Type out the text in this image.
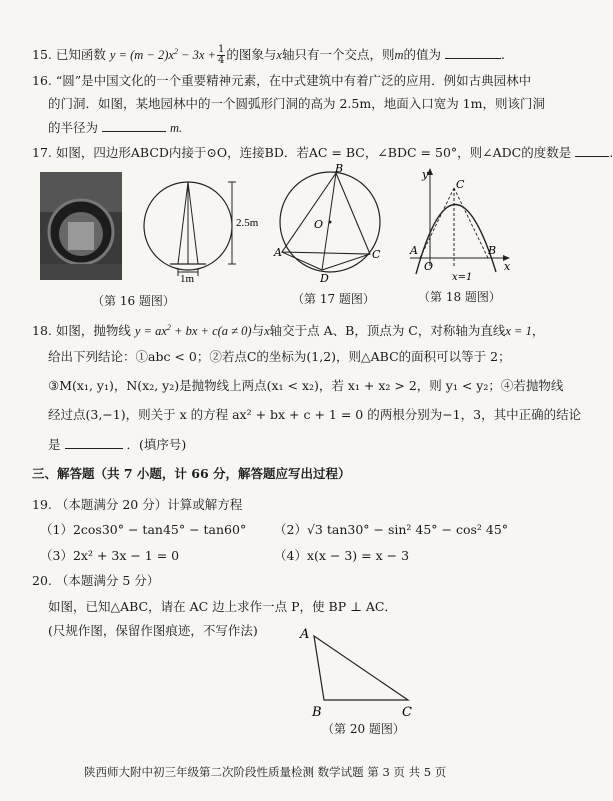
15. 已知函数 $y = (m - 2)x^2 - 3x + \frac{1}{4}$ 的图象与x轴只有一个交点，则m的值为	.
16. “圆”是中国文化的一个重要精神元素，在中式建筑中有着广泛的应用．例如古典园林中
的门洞．如图，某地园林中的一个圆弧形门洞的高为 2.5m，地面入口宽为 1m，则该门洞
的半径为	m.
17. 如图，四边形ABCD内接于⊙O，连接BD．若AC = BC，∠BDC = 50°，则∠ADC的度数是	.
2.5m
1m
B
O
A	C
D
y
C
A
O
B
x
x=1
（第 16 题图）	（第 17 题图）	（第 18 题图）
18. 如图，抛物线 $y = ax^2$ + bx + c(a ≠ 0)与x轴交于点 A、B，顶点为 C，对称轴为直线x = 1，
给出下列结论：①abc < 0；②若点C的坐标为(1,2)，则△ABC的面积可以等于 2；
③M(x₁, y₁)，N(x₂, y₂)是抛物线上两点(x₁ < x₂)，若 x₁ + x₂ > 2，则 y₁ < y₂；④若抛物线
经过点(3,−1)，则关于 x 的方程 ax² + bx + c + 1 = 0 的两根分别为−1，3，其中正确的结论
是	．(填序号)
三、解答题（共 7 小题，计 66 分，解答题应写出过程）
19. （本题满分 20 分）计算或解方程
（1）2cos30° − tan45° − tan60° （2）√3 tan30° − sin² 45° − cos² 45°
（3）2x² + 3x − 1 = 0	（4）x(x − 3) = x − 3
20. （本题满分 5 分）
如图，已知△ABC，请在 AC 边上求作一点 P，使 BP ⊥ AC．
(尺规作图，保留作图痕迹，不写作法)	A
B	C
（第 20 题图）
陕西师大附中初三年级第二次阶段性质量检测 数学试题 第 3 页 共 5 页
